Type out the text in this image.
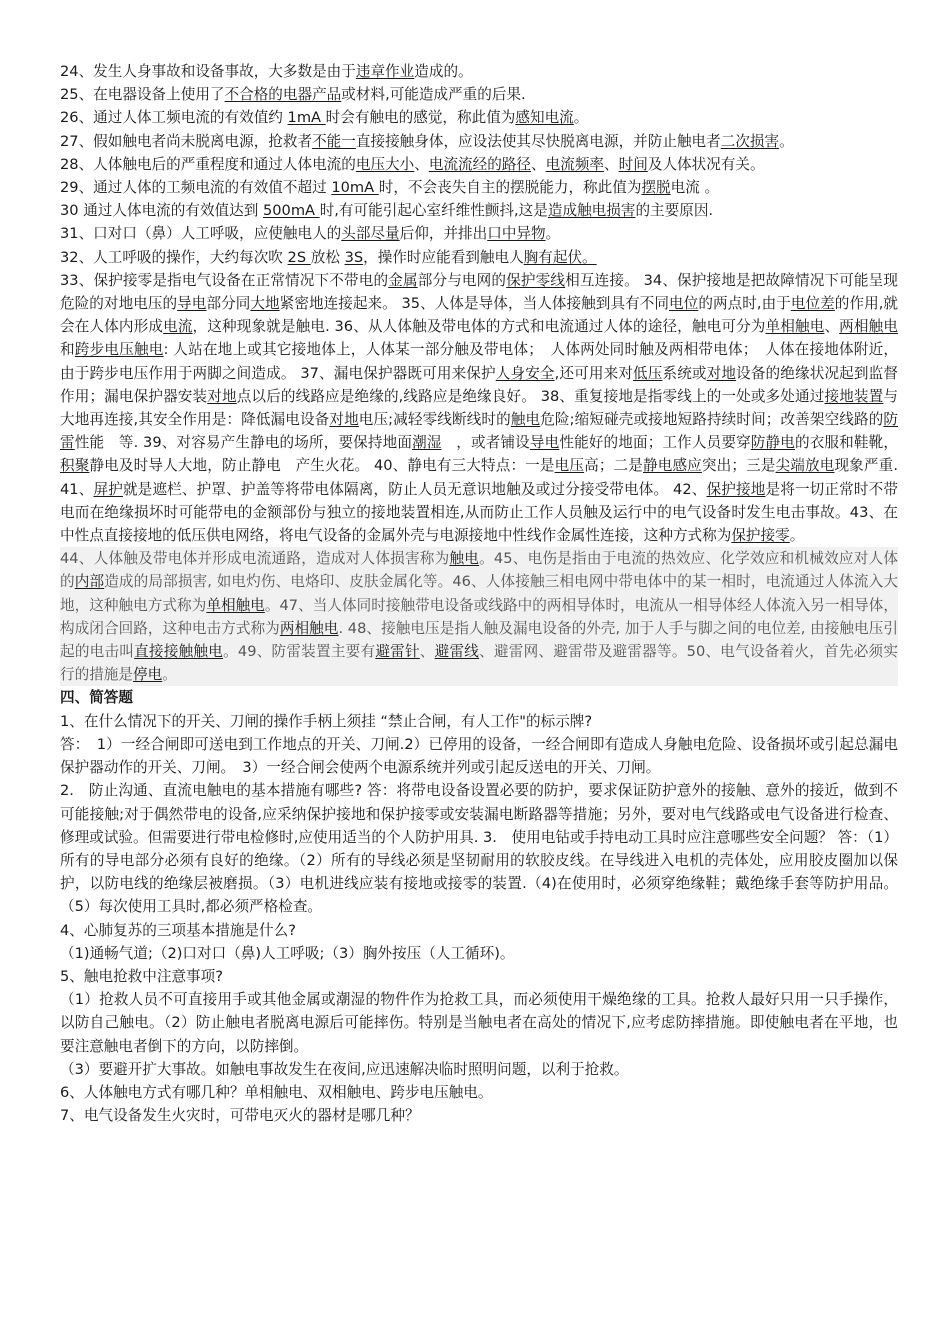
24、发生人身事故和设备事故，大多数是由于违章作业造成的。

25、在电器设备上使用了不合格的电器产品或材料,可能造成严重的后果.

26、通过人体工频电流的有效值约 1mA 时会有触电的感觉，称此值为感知电流。

27、假如触电者尚未脱离电源，抢救者不能一直接接触身体，应设法使其尽快脱离电源，并防止触电者二次损害。

28、人体触电后的严重程度和通过人体电流的电压大小、电流流经的路径、电流频率、时间及人体状况有关。

29、通过人体的工频电流的有效值不超过 10mA 时，不会丧失自主的摆脱能力，称此值为摆脱电流 。

30 通过人体电流的有效值达到 500mA 时,有可能引起心室纤维性颤抖,这是造成触电损害的主要原因.

31、口对口（鼻）人工呼吸，应使触电人的头部尽量后仰，并排出口中异物。

32、人工呼吸的操作，大约每次吹 2S 放松 3S，操作时应能看到触电人胸有起伏。

33、保护接零是指电气设备在正常情况下不带电的金属部分与电网的保护零线相互连接。 34、保护接地是把故障情况下可能呈现危险的对地电压的导电部分同大地紧密地连接起来。 35、人体是导体，当人体接触到具有不同电位的两点时,由于电位差的作用,就会在人体内形成电流，这种现象就是触电. 36、从人体触及带电体的方式和电流通过人体的途径，触电可分为单相触电、两相触电和跨步电压触电: 人站在地上或其它接地体上，人体某一部分触及带电体；　人体两处同时触及两相带电体；　人体在接地体附近，由于跨步电压作用于两脚之间造成。 37、漏电保护器既可用来保护人身安全,还可用来对低压系统或对地设备的绝缘状况起到监督作用；漏电保护器安装对地点以后的线路应是绝缘的,线路应是绝缘良好。 38、重复接地是指零线上的一处或多处通过接地装置与大地再连接,其安全作用是：降低漏电设备对地电压;减轻零线断线时的触电危险;缩短碰壳或接地短路持续时间；改善架空线路的防雷性能　等. 39、对容易产生静电的场所，要保持地面潮湿　，或者铺设导电性能好的地面；工作人员要穿防静电的衣服和鞋靴，积聚静电及时导人大地，防止静电　产生火花。 40、静电有三大特点：一是电压高；二是静电感应突出；三是尖端放电现象严重. 41、屏护就是遮栏、护罩、护盖等将带电体隔离，防止人员无意识地触及或过分接受带电体。 42、保护接地是将一切正常时不带电而在绝缘损坏时可能带电的金额部份与独立的接地装置相连,从而防止工作人员触及运行中的电气设备时发生电击事故。43、在中性点直接接地的低压供电网络，将电气设备的金属外壳与电源接地中性线作金属性连接，这种方式称为保护接零。

44、人体触及带电体并形成电流通路，造成对人体损害称为触电。45、电伤是指由于电流的热效应、化学效应和机械效应对人体的内部造成的局部损害, 如电灼伤、电烙印、皮肤金属化等。46、人体接触三相电网中带电体中的某一相时，电流通过人体流入大地，这种触电方式称为单相触电。47、当人体同时接触带电设备或线路中的两相导体时，电流从一相导体经人体流入另一相导体，构成闭合回路，这种电击方式称为两相触电. 48、接触电压是指人触及漏电设备的外壳, 加于人手与脚之间的电位差, 由接触电压引起的电击叫直接接触触电。49、防雷装置主要有避雷针、避雷线、避雷网、避雷带及避雷器等。50、电气设备着火，首先必须实行的措施是停电。

四、简答题

1、在什么情况下的开关、刀闸的操作手柄上须挂 “禁止合闸，有人工作"的标示牌?

答：　1）一经合闸即可送电到工作地点的开关、刀闸.2）已停用的设备，一经合闸即有造成人身触电危险、设备损坏或引起总漏电保护器动作的开关、刀闸。　3）一经合闸会使两个电源系统并列或引起反送电的开关、刀闸。

2.　防止沟通、直流电触电的基本措施有哪些? 答：将带电设备设置必要的防护，要求保证防护意外的接触、意外的接近，做到不可能接触;对于偶然带电的设备,应采纳保护接地和保护接零或安装漏电断路器等措施；另外，要对电气线路或电气设备进行检查、修理或试验。但需要进行带电检修时,应使用适当的个人防护用具. 3.　使用电钻或手持电动工具时应注意哪些安全问题？ 答：（1）所有的导电部分必须有良好的绝缘。（2）所有的导线必须是坚韧耐用的软胶皮线。在导线进入电机的壳体处，应用胶皮圈加以保护，以防电线的绝缘层被磨损。（3）电机进线应装有接地或接零的装置.（4)在使用时，必须穿绝缘鞋；戴绝缘手套等防护用品。（5）每次使用工具时,都必须严格检查。

4、心肺复苏的三项基本措施是什么?

（1)通畅气道;（2)口对口（鼻)人工呼吸;（3）胸外按压（人工循环)。

5、触电抢救中注意事项?

（1）抢救人员不可直接用手或其他金属或潮湿的物件作为抢救工具，而必须使用干燥绝缘的工具。抢救人最好只用一只手操作，以防自己触电。（2）防止触电者脱离电源后可能摔伤。特别是当触电者在高处的情况下,应考虑防摔措施。即使触电者在平地，也要注意触电者倒下的方向，以防摔倒。

（3）要避开扩大事故。如触电事故发生在夜间,应迅速解决临时照明问题，以利于抢救。

6、人体触电方式有哪几种？单相触电、双相触电、跨步电压触电。

7、电气设备发生火灾时，可带电灭火的器材是哪几种？
